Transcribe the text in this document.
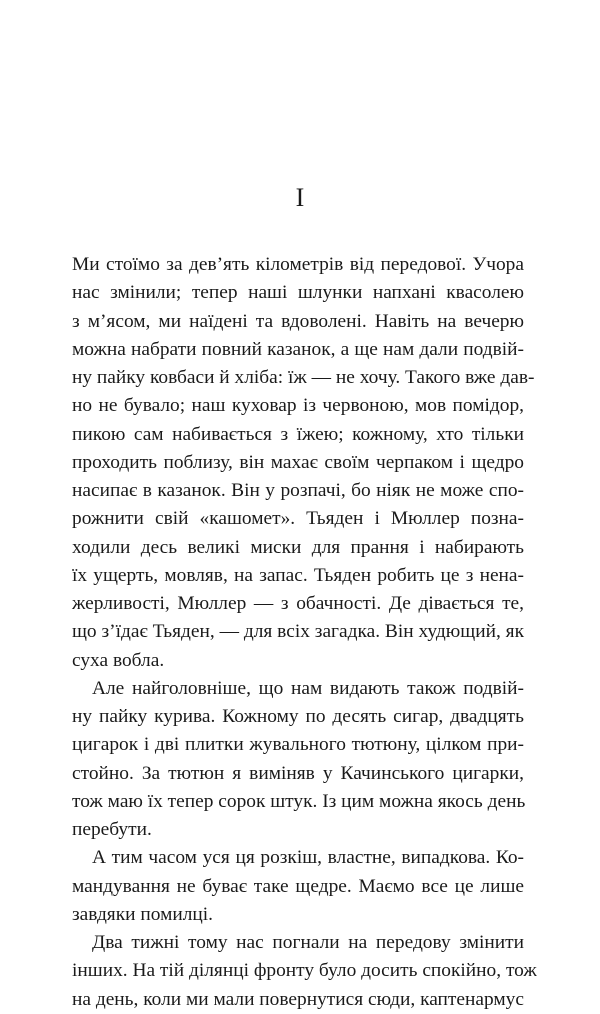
I
Ми стоїмо за дев’ять кілометрів від передової. Учора
нас змінили; тепер наші шлунки напхані квасолею
з м’ясом, ми наїдені та вдоволені. Навіть на вечерю
можна набрати повний казанок, а ще нам дали подвій-
ну пайку ковбаси й хліба: їж — не хочу. Такого вже дав-
но не бувало; наш куховар із червоною, мов помідор,
пикою сам набивається з їжею; кожному, хто тільки
проходить поблизу, він махає своїм черпаком і щедро
насипає в казанок. Він у розпачі, бо ніяк не може спо-
рожнити свій «кашомет». Тьяден і Мюллер позна-
ходили десь великі миски для прання і набирають
їх ущерть, мовляв, на запас. Тьяден робить це з нена-
жерливості, Мюллер — з обачності. Де дівається те,
що з’їдає Тьяден, — для всіх загадка. Він худющий, як
суха вобла.
Але найголовніше, що нам видають також подвій-
ну пайку курива. Кожному по десять сигар, двадцять
цигарок і дві плитки жувального тютюну, цілком при-
стойно. За тютюн я виміняв у Качинського цигарки,
тож маю їх тепер сорок штук. Із цим можна якось день
перебути.
А тим часом уся ця розкіш, властне, випадкова. Ко-
мандування не буває таке щедре. Маємо все це лише
завдяки помилці.
Два тижні тому нас погнали на передову змінити
інших. На тій ділянці фронту було досить спокійно, тож
на день, коли ми мали повернутися сюди, каптенармус
